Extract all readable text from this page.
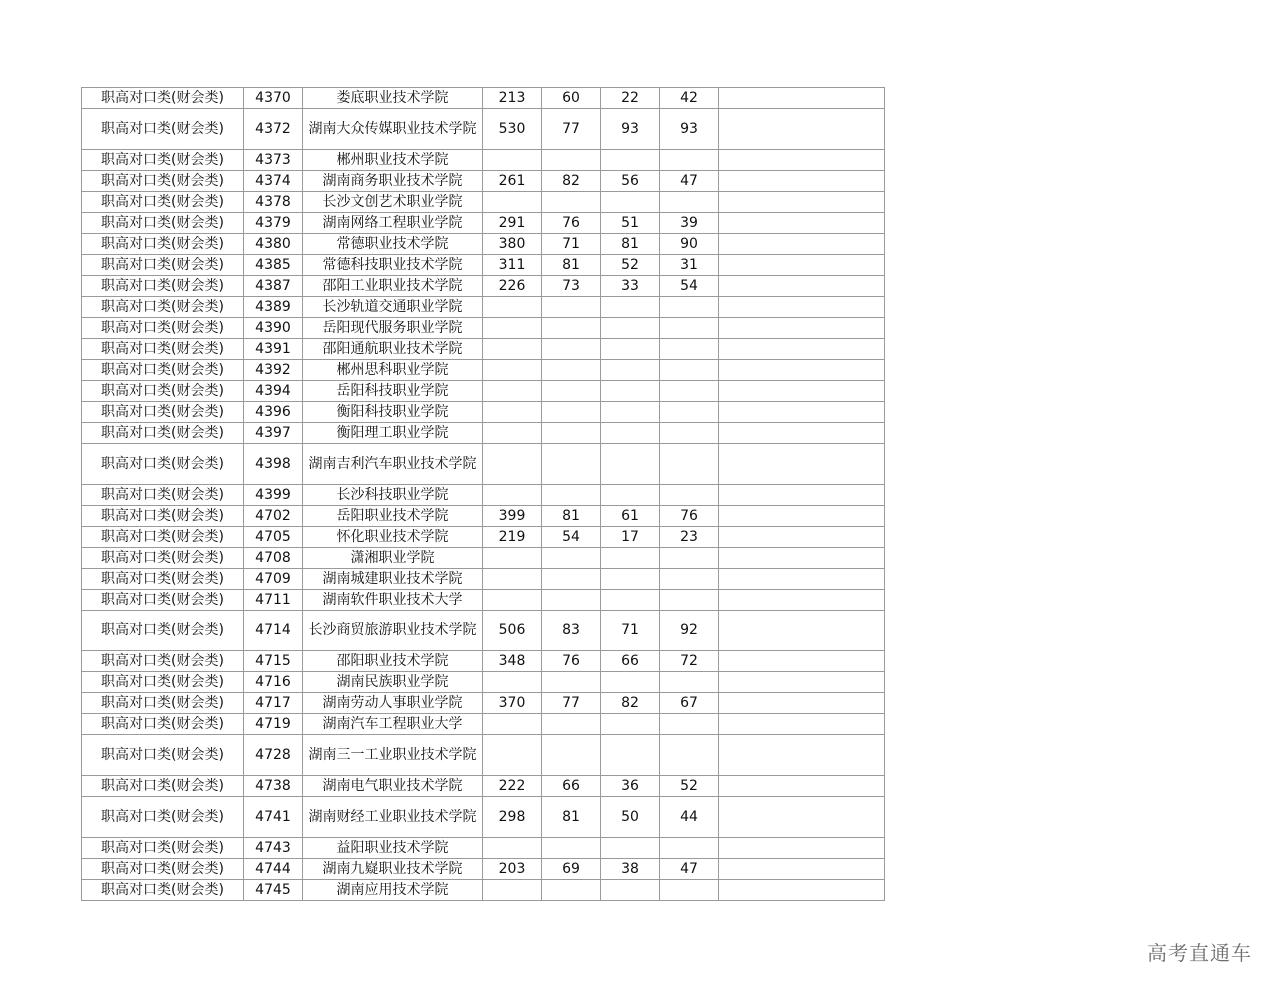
职高对口类(财会类)	4370	娄底职业技术学院	213	60	22	42	
职高对口类(财会类)	4372	湖南大众传媒职业技术学院	530	77	93	93	
职高对口类(财会类)	4373	郴州职业技术学院					
职高对口类(财会类)	4374	湖南商务职业技术学院	261	82	56	47	
职高对口类(财会类)	4378	长沙文创艺术职业学院					
职高对口类(财会类)	4379	湖南网络工程职业学院	291	76	51	39	
职高对口类(财会类)	4380	常德职业技术学院	380	71	81	90	
职高对口类(财会类)	4385	常德科技职业技术学院	311	81	52	31	
职高对口类(财会类)	4387	邵阳工业职业技术学院	226	73	33	54	
职高对口类(财会类)	4389	长沙轨道交通职业学院					
职高对口类(财会类)	4390	岳阳现代服务职业学院					
职高对口类(财会类)	4391	邵阳通航职业技术学院					
职高对口类(财会类)	4392	郴州思科职业学院					
职高对口类(财会类)	4394	岳阳科技职业学院					
职高对口类(财会类)	4396	衡阳科技职业学院					
职高对口类(财会类)	4397	衡阳理工职业学院					
职高对口类(财会类)	4398	湖南吉利汽车职业技术学院					
职高对口类(财会类)	4399	长沙科技职业学院					
职高对口类(财会类)	4702	岳阳职业技术学院	399	81	61	76	
职高对口类(财会类)	4705	怀化职业技术学院	219	54	17	23	
职高对口类(财会类)	4708	潇湘职业学院					
职高对口类(财会类)	4709	湖南城建职业技术学院					
职高对口类(财会类)	4711	湖南软件职业技术大学					
职高对口类(财会类)	4714	长沙商贸旅游职业技术学院	506	83	71	92	
职高对口类(财会类)	4715	邵阳职业技术学院	348	76	66	72	
职高对口类(财会类)	4716	湖南民族职业学院					
职高对口类(财会类)	4717	湖南劳动人事职业学院	370	77	82	67	
职高对口类(财会类)	4719	湖南汽车工程职业大学					
职高对口类(财会类)	4728	湖南三一工业职业技术学院					
职高对口类(财会类)	4738	湖南电气职业技术学院	222	66	36	52	
职高对口类(财会类)	4741	湖南财经工业职业技术学院	298	81	50	44	
职高对口类(财会类)	4743	益阳职业技术学院					
职高对口类(财会类)	4744	湖南九嶷职业技术学院	203	69	38	47	
职高对口类(财会类)	4745	湖南应用技术学院					
高考直通车
